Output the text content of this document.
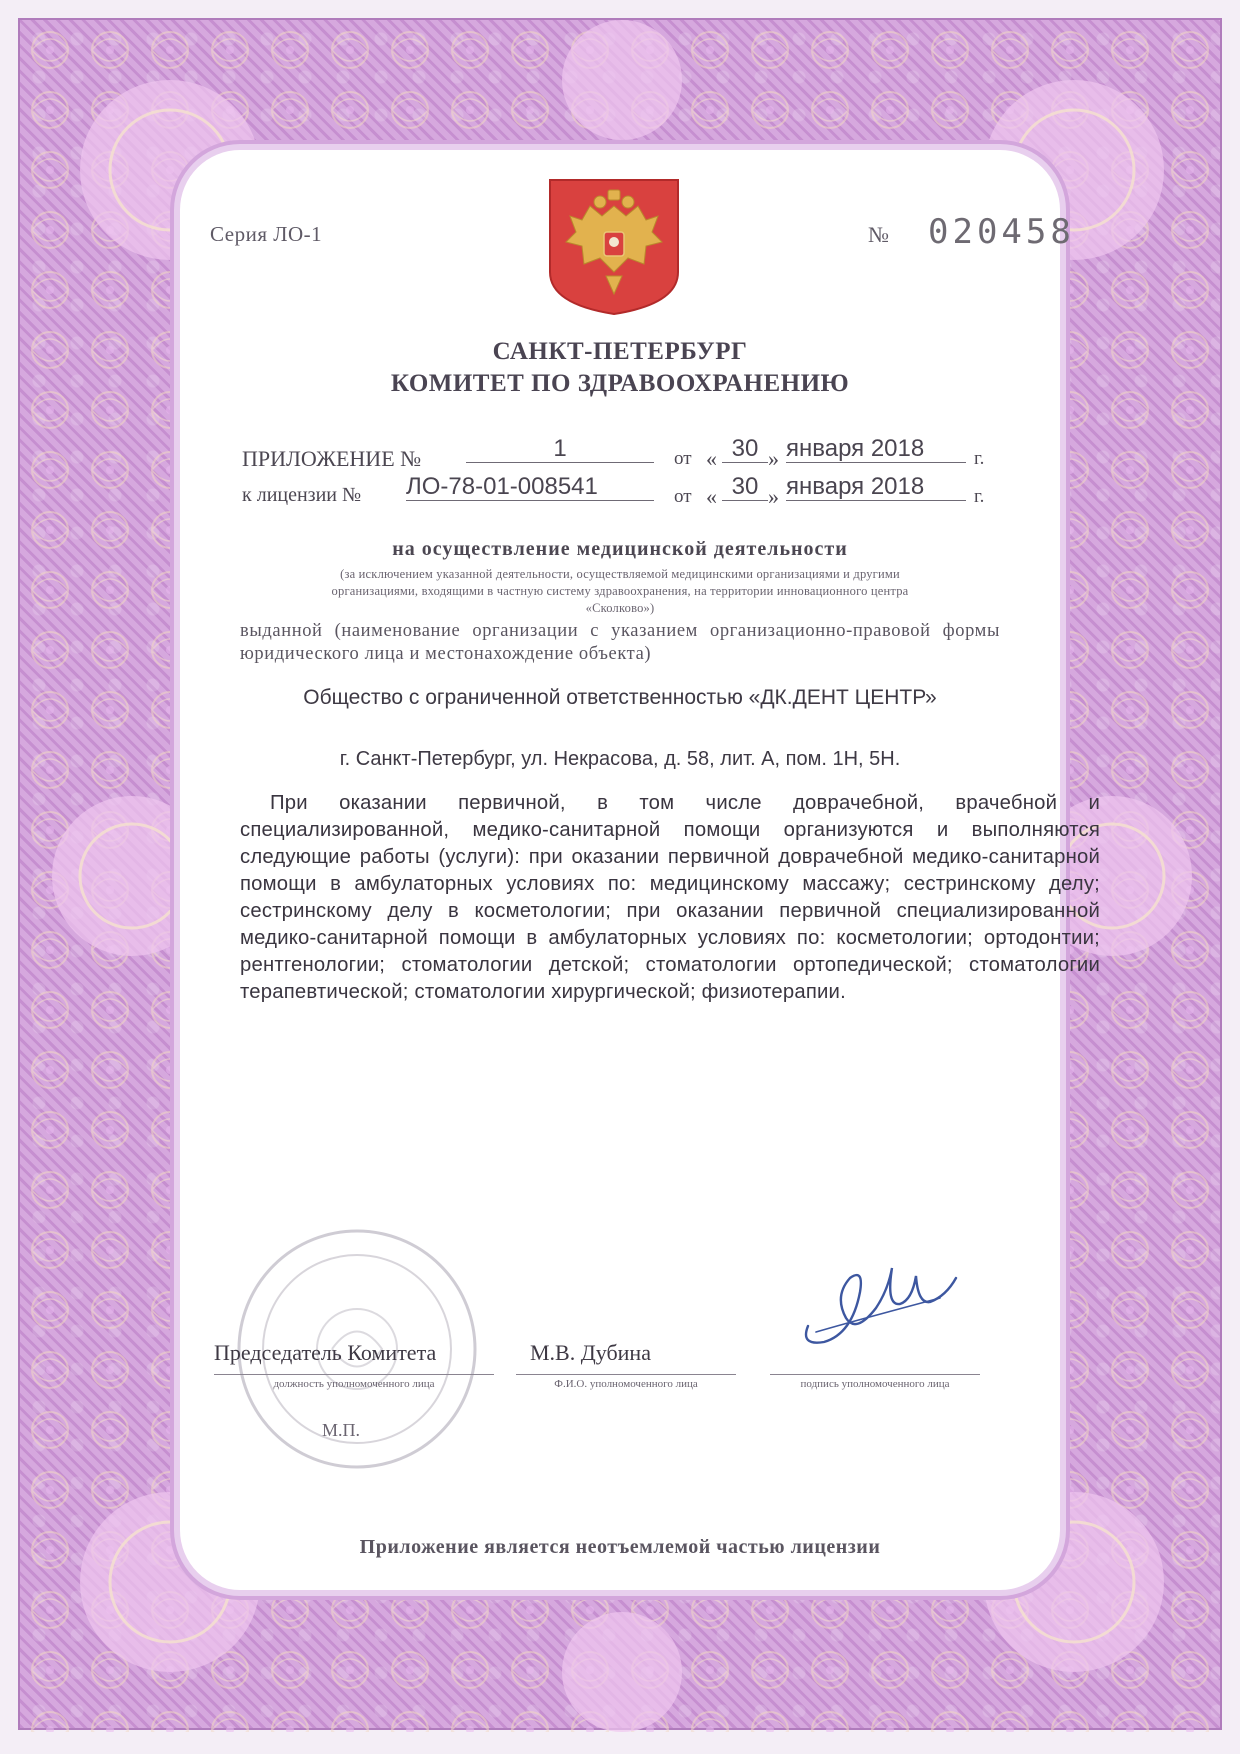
Серия ЛО-1	№ 020458

САНКТ-ПЕТЕРБУРГ

КОМИТЕТ ПО ЗДРАВООХРАНЕНИЮ

ПРИЛОЖЕНИЕ №	1	от « 30 » января 2018	г.

к лицензии № ЛО-78-01-008541	от « 30 » января 2018	г.

на осуществление медицинской деятельности

(за исключением указанной деятельности, осуществляемой медицинскими организациями и другими

организациями, входящими в частную систему здравоохранения, на территории инновационного центра

«Сколково»)

выданной (наименование организации с указанием организационно-правовой формы юридического лица и местонахождение объекта)

Общество с ограниченной ответственностью «ДК.ДЕНТ ЦЕНТР»

г. Санкт-Петербург, ул. Некрасова, д. 58, лит. А, пом. 1Н, 5Н.

При оказании первичной, в том числе доврачебной, врачебной и специализированной, медико-санитарной помощи организуются и выполняются следующие работы (услуги): при оказании первичной доврачебной медико-санитарной помощи в амбулаторных условиях по: медицинскому массажу; сестринскому делу; сестринскому делу в косметологии; при оказании первичной специализированной медико-санитарной помощи в амбулаторных условиях по: косметологии; ортодонтии; рентгенологии; стоматологии детской; стоматологии ортопедической; стоматологии терапевтической; стоматологии хирургической; физиотерапии.

Председатель Комитета	М.В. Дубина

должность уполномоченного лица	Ф.И.О. уполномоченного лица	подпись уполномоченного лица

М.П.

Приложение является неотъемлемой частью лицензии
